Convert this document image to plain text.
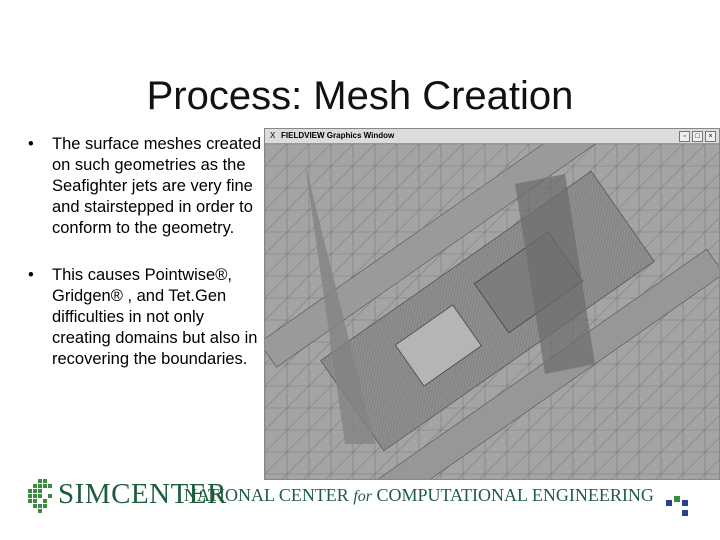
Process: Mesh Creation
• The surface meshes created on such geometries as the Seafighter jets are very fine and stairstepped in order to conform to the geometry.
• This causes Pointwise®, Gridgen® , and Tet.Gen difficulties in not only creating domains but also in recovering the boundaries.
X FIELDVIEW Graphics Window	▫	□	×
SIMCENTER
NATIONAL CENTER for COMPUTATIONAL ENGINEERING
